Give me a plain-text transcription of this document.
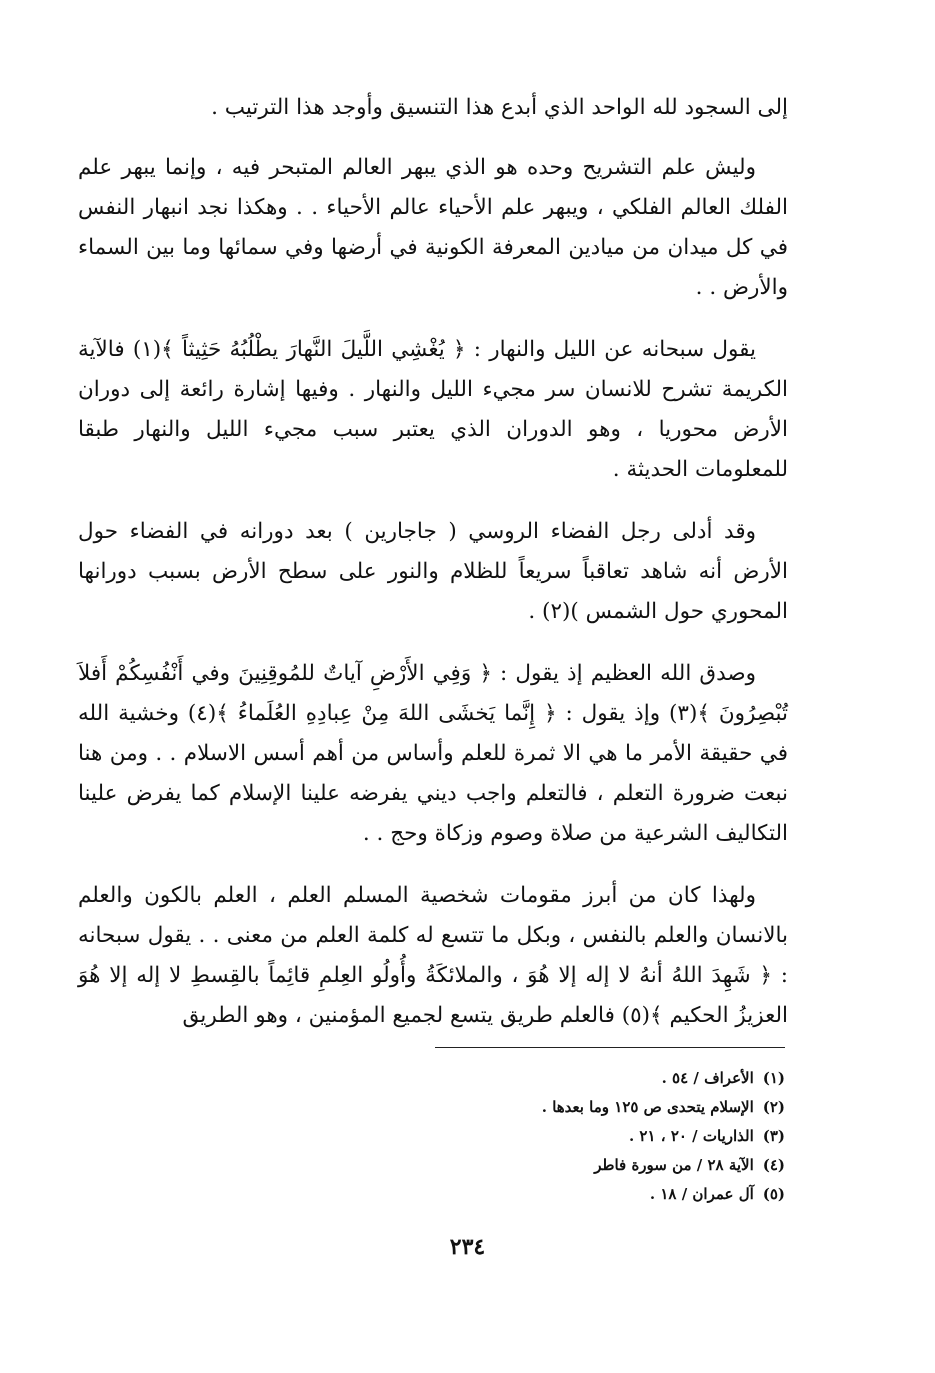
إلى السجود لله الواحد الذي أبدع هذا التنسيق وأوجد هذا الترتيب .

وليش علم التشريح وحده هو الذي يبهر العالم المتبحر فيه ، وإنما يبهر علم الفلك العالم الفلكي ، ويبهر علم الأحياء عالم الأحياء . . وهكذا نجد انبهار النفس في كل ميدان من ميادين المعرفة الكونية في أرضها وفي سمائها وما بين السماء والأرض . .

يقول سبحانه عن الليل والنهار : ﴿ يُغْشِي اللَّيلَ النَّهارَ يطْلُبُهُ حَثِيثاً ﴾(١) فالآية الكريمة تشرح للانسان سر مجيء الليل والنهار . وفيها إشارة رائعة إلى دوران الأرض محوريا ، وهو الدوران الذي يعتبر سبب مجيء الليل والنهار طبقا للمعلومات الحديثة .

وقد أدلى رجل الفضاء الروسي ( جاجارين ) بعد دورانه في الفضاء حول الأرض أنه شاهد تعاقباً سريعاً للظلام والنور على سطح الأرض بسبب دورانها المحوري حول الشمس )(٢) .

وصدق الله العظيم إذ يقول : ﴿ وَفِي الأَرْضِ آياتٌ للمُوقِنِينَ وفي أَنْفُسِكُمْ أَفلاَ تُبْصِرُونَ ﴾(٣) وإذ يقول : ﴿ إِنَّما يَخشَى اللهَ مِنْ عِبادِهِ العُلَماءُ ﴾(٤) وخشية الله في حقيقة الأمر ما هي الا ثمرة للعلم وأساس من أهم أسس الاسلام . . ومن هنا نبعت ضرورة التعلم ، فالتعلم واجب ديني يفرضه علينا الإسلام كما يفرض علينا التكاليف الشرعية من صلاة وصوم وزكاة وحج . .

ولهذا كان من أبرز مقومات شخصية المسلم العلم ، العلم بالكون والعلم بالانسان والعلم بالنفس ، وبكل ما تتسع له كلمة العلم من معنى . . يقول سبحانه : ﴿ شَهِدَ اللهُ أنهُ لا إله إلا هُوَ ، والملائكَةُ وأُولُو العِلمِ قائِماً بالقِسطِ لا إله إلا هُوَ العزيزُ الحكيم ﴾(٥) فالعلم طريق يتسع لجميع المؤمنين ، وهو الطريق

(١) الأعراف / ٥٤ .
(٢) الإسلام يتحدى ص ١٢٥ وما بعدها .
(٣) الذاريات / ٢٠ ، ٢١ .
(٤) الآية ٢٨ / من سورة فاطر
(٥) آل عمران / ١٨ .
٢٣٤
